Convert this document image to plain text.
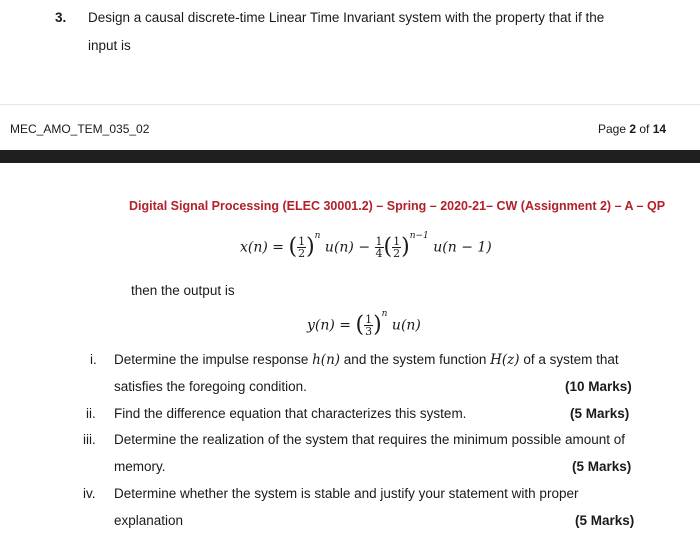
3. Design a causal discrete-time Linear Time Invariant system with the property that if the
input is
MEC_AMO_TEM_035_02	Page 2 of 14
Digital Signal Processing (ELEC 30001.2) – Spring – 2020-21– CW (Assignment 2) – A – QP
x(n) = ( $\frac{1}{2} )^n$ $u(n) - \frac{1}{4}$ ( $\frac{1}{2} )^{n-1}$ u(n − 1)
then the output is
y(n) = ( $\frac{1}{3} )^n$ u(n)
i. Determine the impulse response h(n) and the system function H(z) of a system that
satisfies the foregoing condition.	(10 Marks)
ii. Find the difference equation that characterizes this system.	(5 Marks)
iii. Determine the realization of the system that requires the minimum possible amount of
memory.	(5 Marks)
iv. Determine whether the system is stable and justify your statement with proper
explanation	(5 Marks)
